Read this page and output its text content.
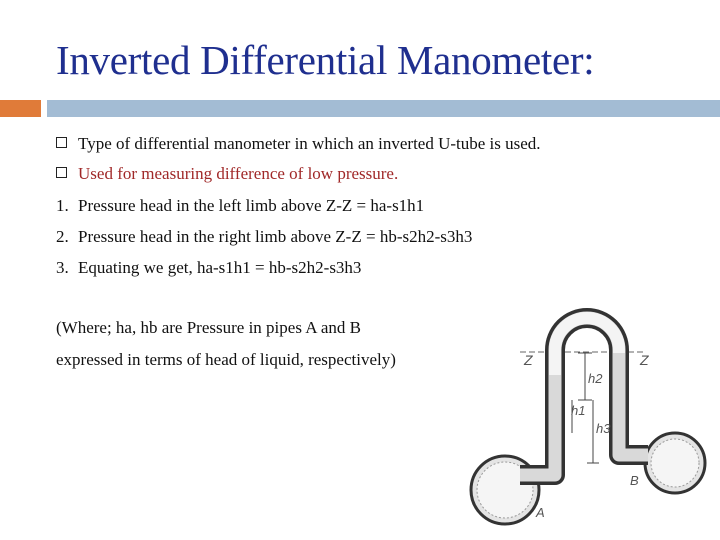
Inverted Differential Manometer:
Type of differential manometer in which an inverted U-tube is used.
Used for measuring difference of low pressure.
1. Pressure head in the left limb above Z-Z = ha-s1h1
2. Pressure head in the right limb above Z-Z = hb-s2h2-s3h3
3. Equating we get, ha-s1h1 = hb-s2h2-s3h3
(Where; ha, hb are Pressure in pipes A and B
expressed in terms of head of liquid, respectively)	Z	Z
h2
h1
h3
A
B
